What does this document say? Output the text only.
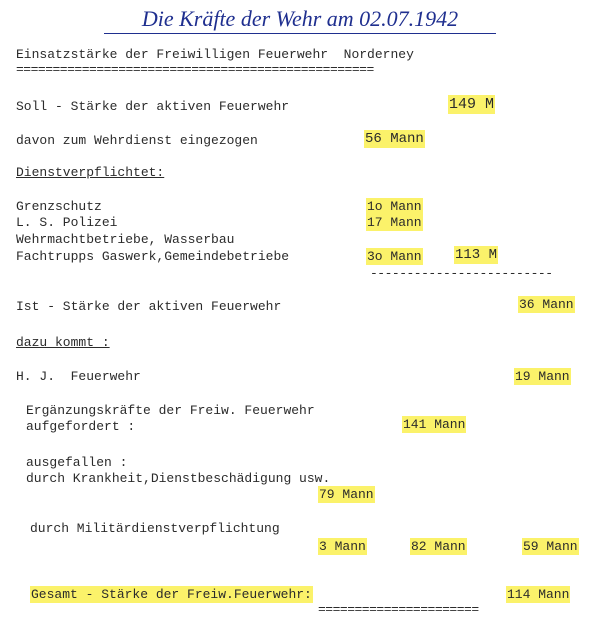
Die Kräfte der Wehr am 02.07.1942
Einsatzstärke der Freiwilligen Feuerwehr  Norderney
=================================================
Soll - Stärke der aktiven Feuerwehr	149 M
davon zum Wehrdienst eingezogen	56 Mann
Dienstverpflichtet:
Grenzschutz	1o Mann
L. S. Polizei	17 Mann
Wehrmachtbetriebe, Wasserbau
Fachtrupps Gaswerk,Gemeindebetriebe	3o Mann 113 M
-------------------------
Ist - Stärke der aktiven Feuerwehr	36 Mann
dazu kommt :
H. J.  Feuerwehr	19 Mann
Ergänzungskräfte der Freiw. Feuerwehr
aufgefordert :	141 Mann
ausgefallen :
durch Krankheit,Dienstbeschädigung usw.
79 Mann
durch Militärdienstverpflichtung
3 Mann	82 Mann	59 Mann
Gesamt - Stärke der Freiw.Feuerwehr:	114 Mann
======================
